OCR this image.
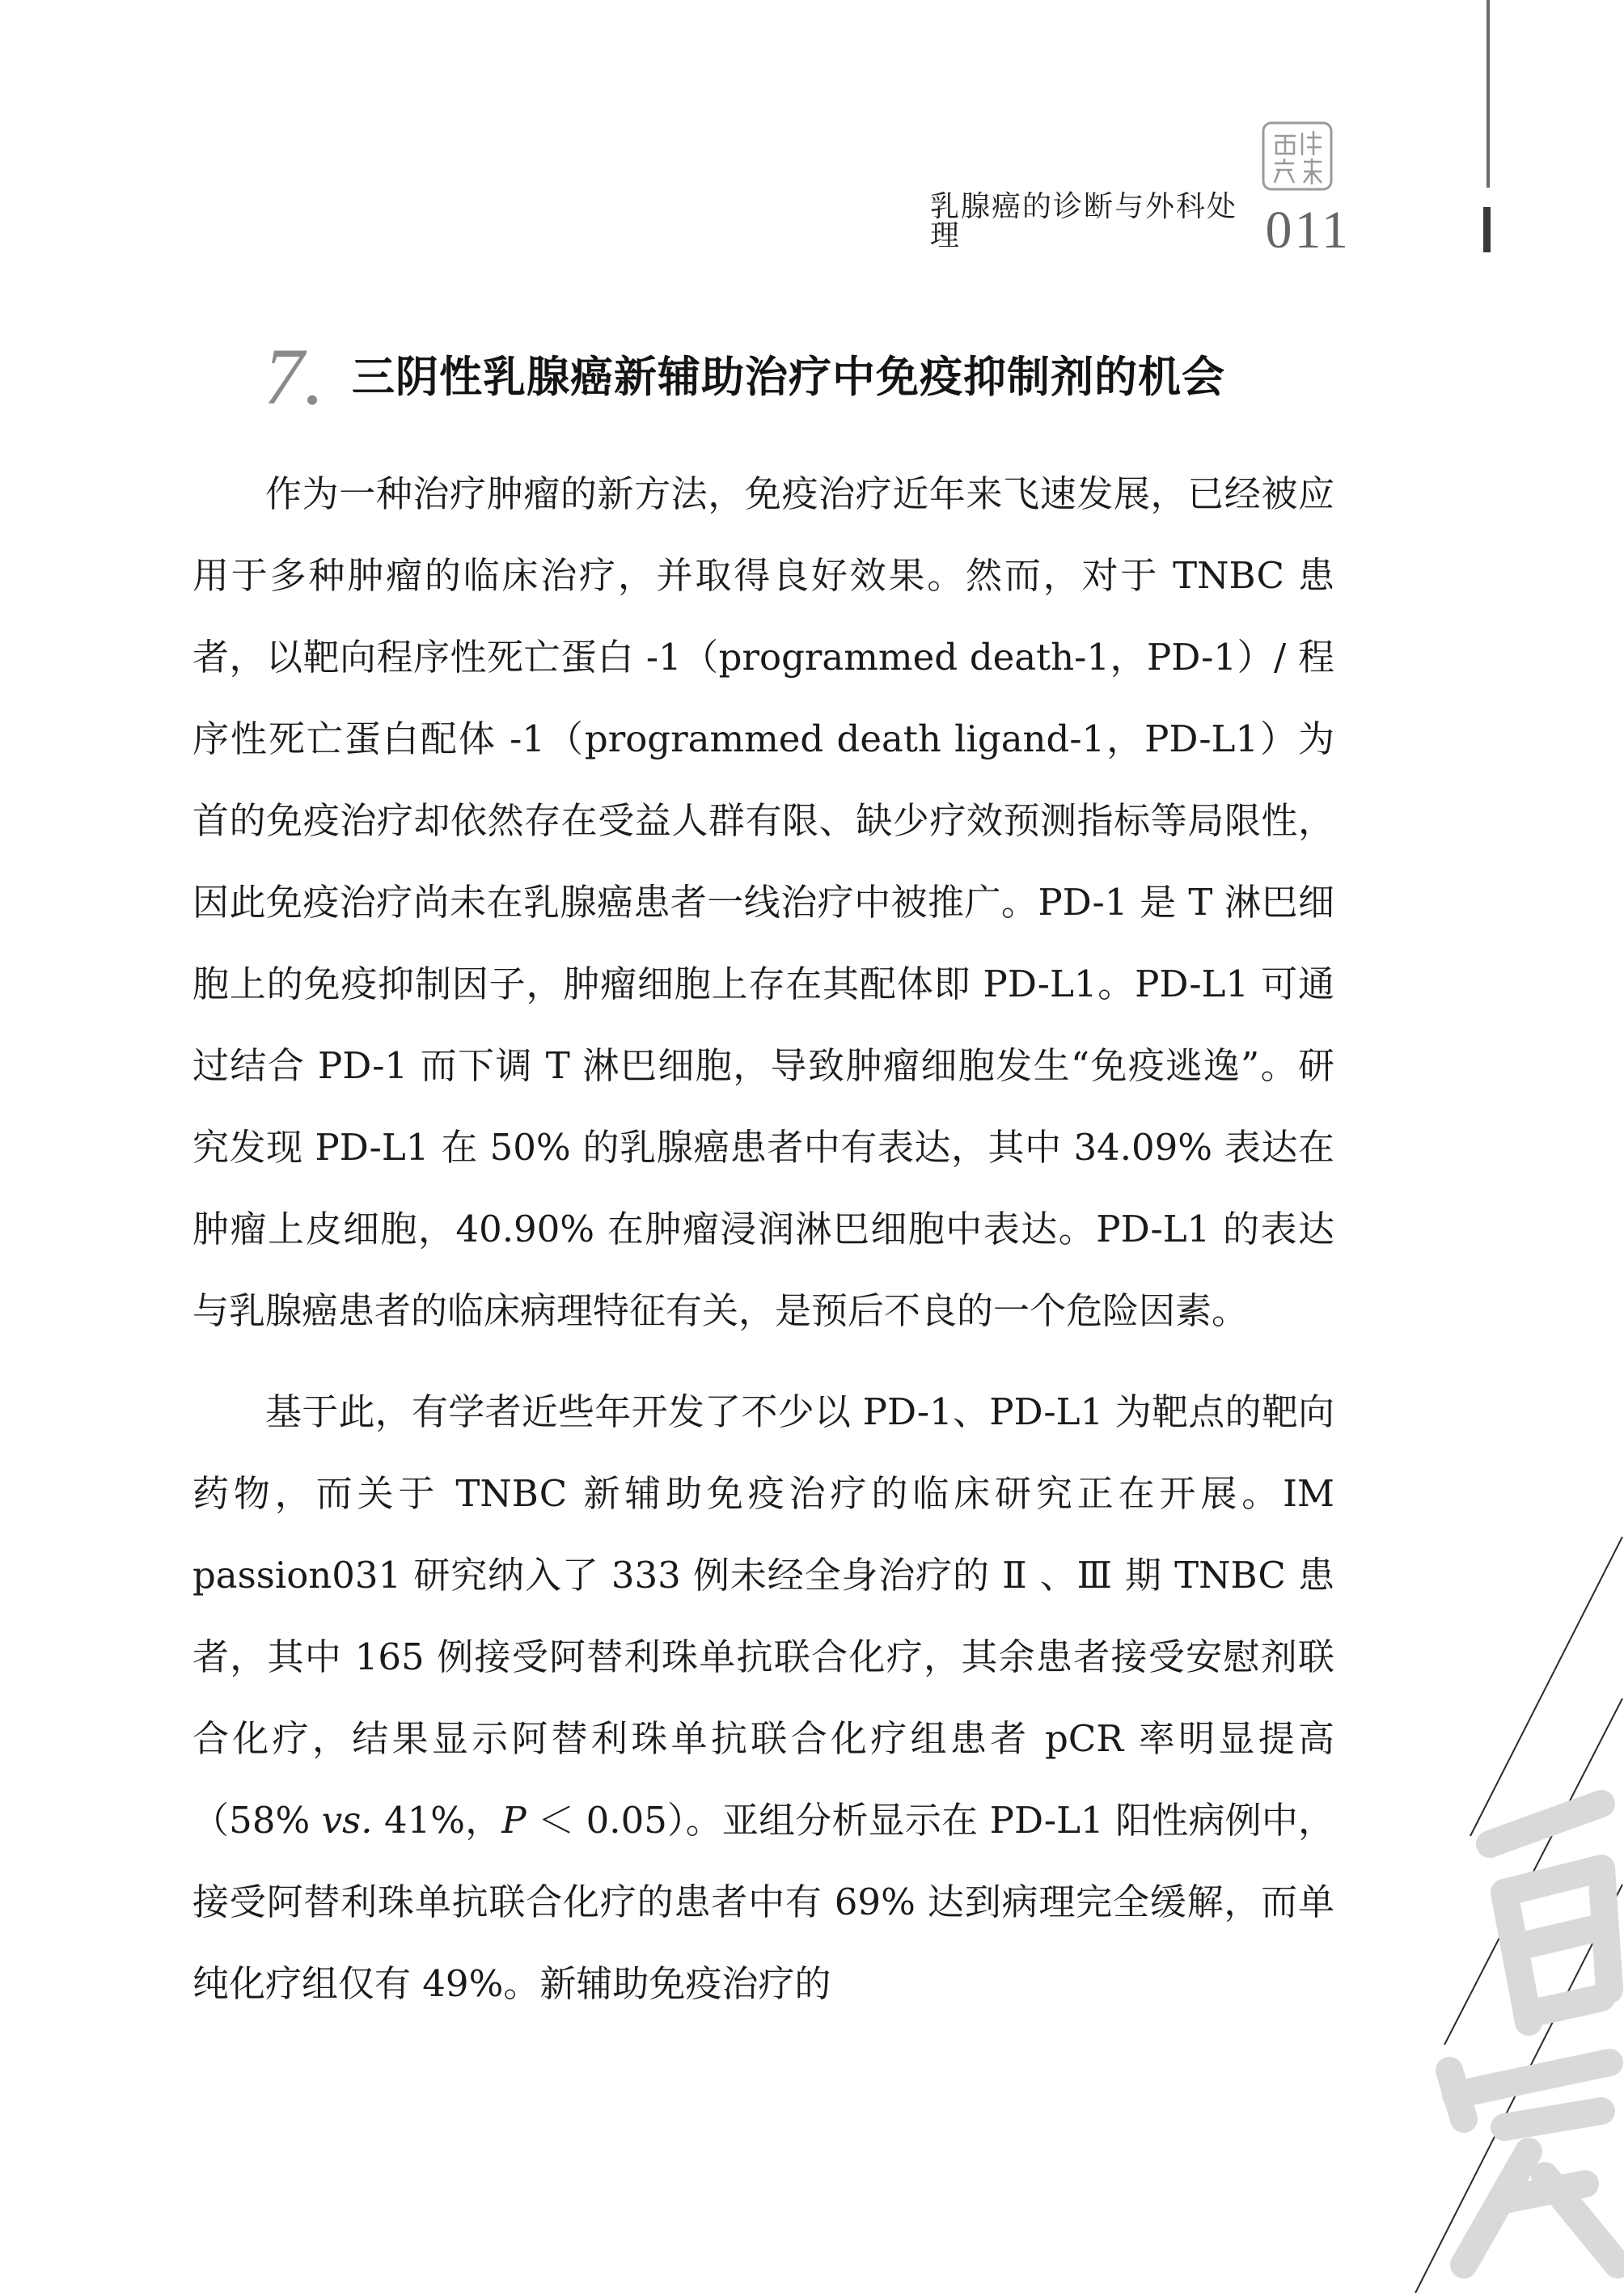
乳腺癌的诊断与外科处理	011
7. 三阴性乳腺癌新辅助治疗中免疫抑制剂的机会

作为一种治疗肿瘤的新方法，免疫治疗近年来飞速发展，已经被应用于多种肿瘤的临床治疗，并取得良好效果。然而，对于 TNBC 患者，以靶向程序性死亡蛋白 -1（programmed death-1，PD-1）/ 程序性死亡蛋白配体 -1（programmed death ligand-1，PD-L1）为首的免疫治疗却依然存在受益人群有限、缺少疗效预测指标等局限性，因此免疫治疗尚未在乳腺癌患者一线治疗中被推广。PD-1 是 T 淋巴细胞上的免疫抑制因子，肿瘤细胞上存在其配体即 PD-L1。PD-L1 可通过结合 PD-1 而下调 T 淋巴细胞，导致肿瘤细胞发生“免疫逃逸”。研究发现 PD-L1 在 50% 的乳腺癌患者中有表达，其中 34.09% 表达在肿瘤上皮细胞，40.90% 在肿瘤浸润淋巴细胞中表达。PD-L1 的表达与乳腺癌患者的临床病理特征有关，是预后不良的一个危险因素。

基于此，有学者近些年开发了不少以 PD-1、PD-L1 为靶点的靶向药物，而关于 TNBC 新辅助免疫治疗的临床研究正在开展。IM passion031 研究纳入了 333 例未经全身治疗的 Ⅱ 、Ⅲ 期 TNBC 患者，其中 165 例接受阿替利珠单抗联合化疗，其余患者接受安慰剂联合化疗，结果显示阿替利珠单抗联合化疗组患者 pCR 率明显提高（58% vs. 41%，P ＜ 0.05）。亚组分析显示在 PD-L1 阳性病例中，接受阿替利珠单抗联合化疗的患者中有 69% 达到病理完全缓解，而单纯化疗组仅有 49%。新辅助免疫治疗的
